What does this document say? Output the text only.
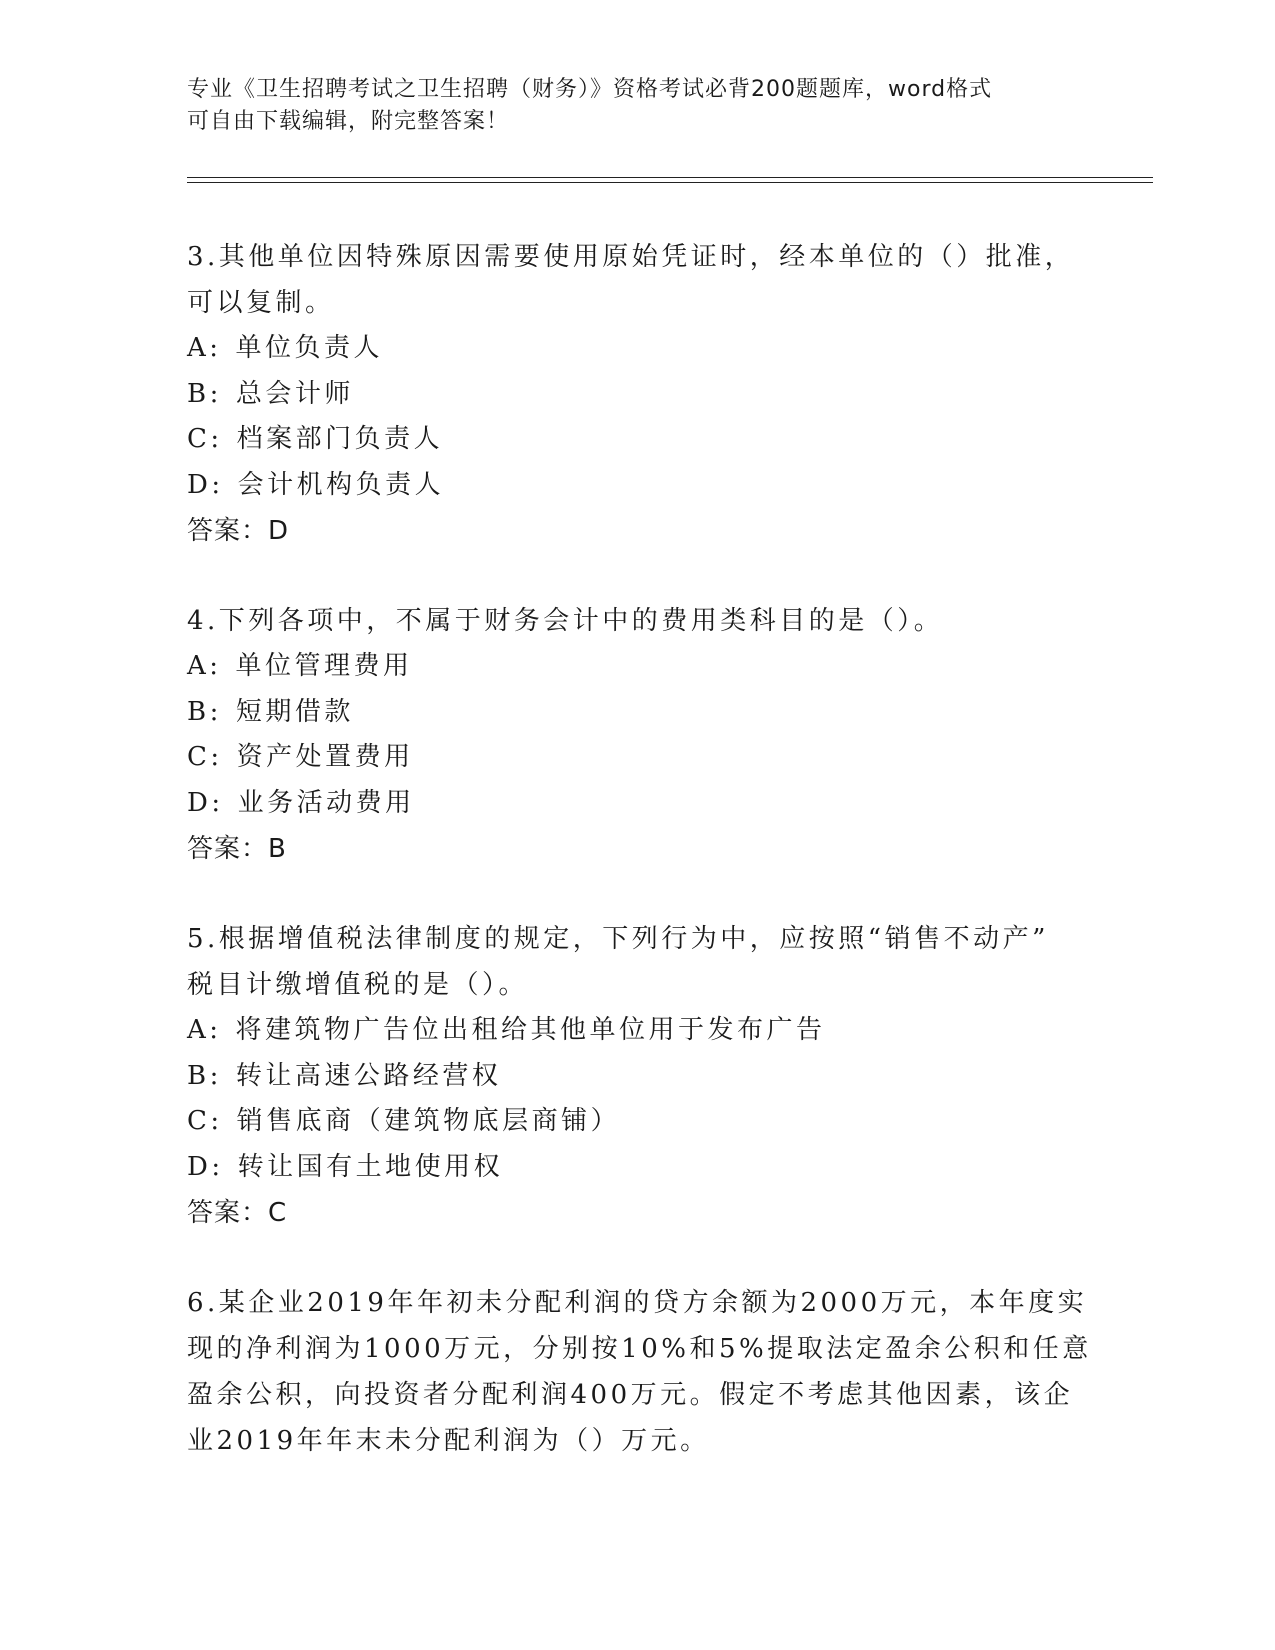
专业《卫生招聘考试之卫生招聘（财务）》资格考试必背200题题库，word格式
可自由下载编辑，附完整答案！
3.其他单位因特殊原因需要使用原始凭证时，经本单位的（）批准，
可以复制。
A: 单位负责人
B: 总会计师
C: 档案部门负责人
D: 会计机构负责人
答案：D
4.下列各项中，不属于财务会计中的费用类科目的是（）。
A: 单位管理费用
B: 短期借款
C: 资产处置费用
D: 业务活动费用
答案：B
5.根据增值税法律制度的规定，下列行为中，应按照“销售不动产”
税目计缴增值税的是（）。
A: 将建筑物广告位出租给其他单位用于发布广告
B: 转让高速公路经营权
C: 销售底商（建筑物底层商铺）
D: 转让国有土地使用权
答案：C
6.某企业2019年年初未分配利润的贷方余额为2000万元，本年度实
现的净利润为1000万元，分别按10%和5%提取法定盈余公积和任意
盈余公积，向投资者分配利润400万元。假定不考虑其他因素，该企
业2019年年末未分配利润为（）万元。
